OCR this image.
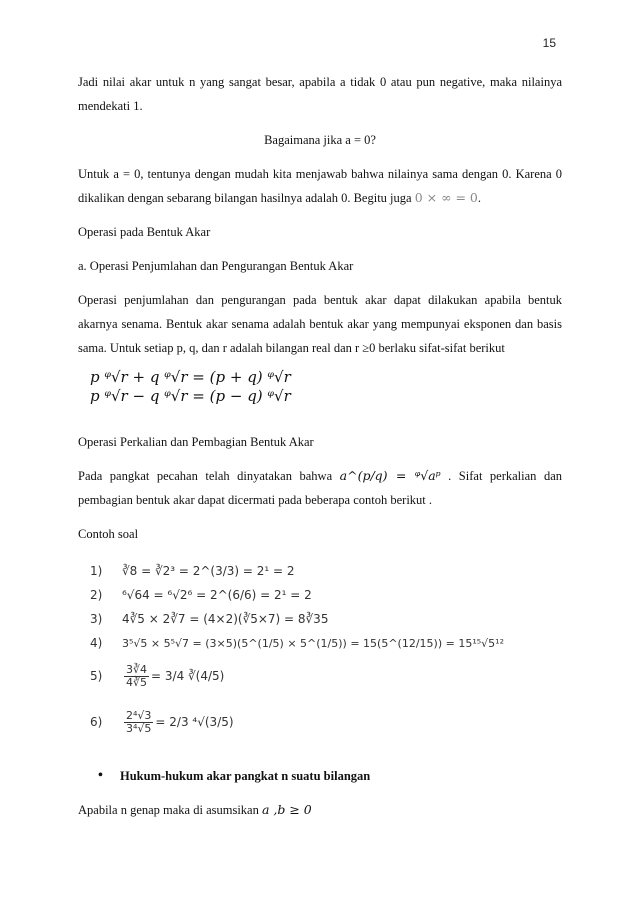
15

Jadi nilai akar untuk n yang sangat besar, apabila a tidak 0 atau pun negative, maka nilainya mendekati 1.

Bagaimana jika a = 0?

Untuk a = 0, tentunya dengan mudah kita menjawab bahwa nilainya sama dengan 0. Karena 0 dikalikan dengan sebarang bilangan hasilnya adalah 0. Begitu juga 0 × ∞ = 0.

Operasi pada Bentuk Akar

a. Operasi Penjumlahan dan Pengurangan Bentuk Akar

Operasi penjumlahan dan pengurangan pada bentuk akar dapat dilakukan apabila bentuk akarnya senama. Bentuk akar senama adalah bentuk akar yang mempunyai eksponen dan basis sama. Untuk setiap p, q, dan r adalah bilangan real dan r ≥0 berlaku sifat-sifat berikut

p ᵠ√r + q ᵠ√r = (p + q) ᵠ√r
p ᵠ√r − q ᵠ√r = (p − q) ᵠ√r

Operasi Perkalian dan Pembagian Bentuk Akar

Pada pangkat pecahan telah dinyatakan bahwa a^(p/q) = ᵠ√aᵖ . Sifat perkalian dan pembagian bentuk akar dapat dicermati pada beberapa contoh berikut .

Contoh soal

1)	∛8 = ∛2³ = 2^(3/3) = 2¹ = 2
2)	⁶√64 = ⁶√2⁶ = 2^(6/6) = 2¹ = 2
3)	4∛5 × 2∛7 = (4×2)(∛5×7) = 8∛35
4)	3⁵√5 × 5⁵√7 = (3×5)(5^(1/5) × 5^(1/5)) = 15(5^(12/15)) = 15¹⁵√5¹²
5)	$\frac{3∛4}{4∛5} = 3/4$ ∛(4/5)
6)	$\frac{\text{2⁴√3}}{\text{3⁴√5}} = 2/3$ ⁴√(3/5)
•	Hukum-hukum akar pangkat n suatu bilangan

Apabila n genap maka di asumsikan a ,b ≥ 0
